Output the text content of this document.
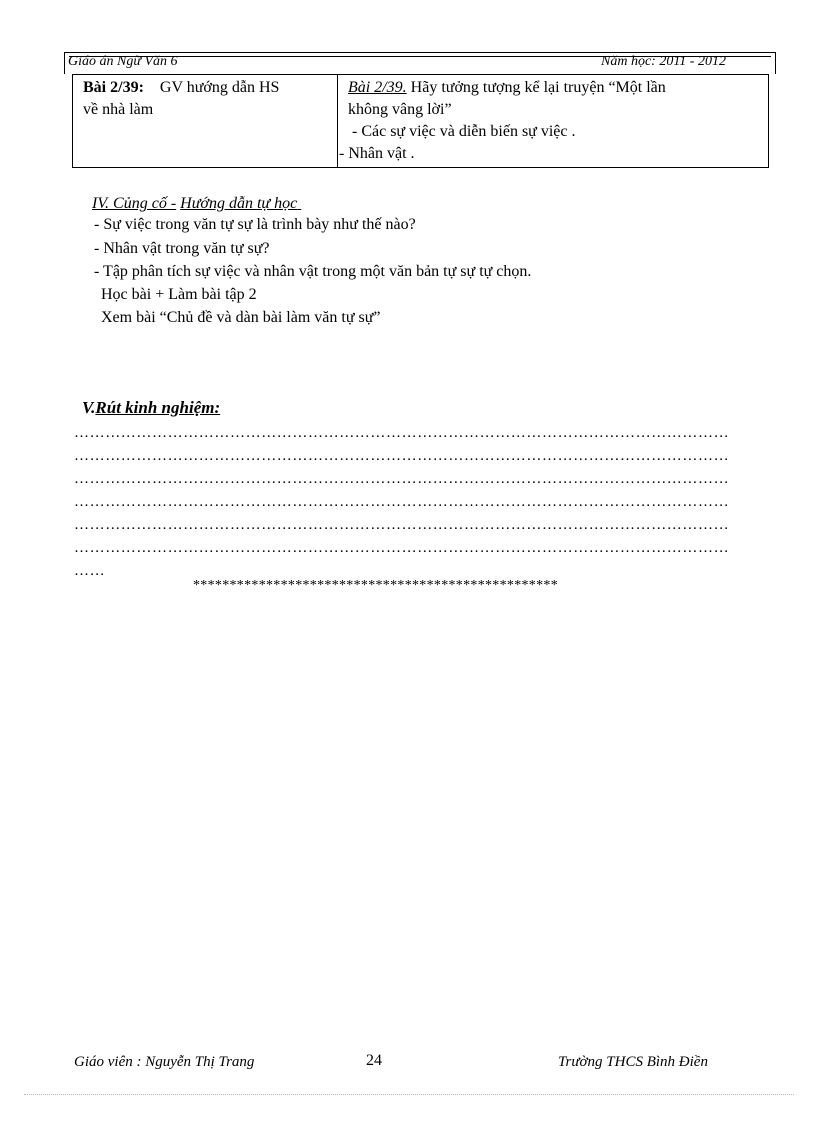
Giáo án Ngữ Văn 6	Năm học: 2011 - 2012
Bài 2/39: GV hướng dẫn HS
về nhà làm	Bài 2/39. Hãy tưởng tượng kể lại truyện “Một lần
không vâng lời”
- Các sự việc và diễn biến sự việc .
- Nhân vật .
IV. Củng cố - Hướng dẫn tự học
- Sự việc trong văn tự sự là trình bày như thế nào?
- Nhân vật trong văn tự sự?
- Tập phân tích sự việc và nhân vật trong một văn bản tự sự tự chọn.
Học bài + Làm bài tập 2
Xem bài “Chủ đề và dàn bài làm văn tự sự”
V.Rút kinh nghiệm:
………………………………………………………………………………………………………………
………………………………………………………………………………………………………………
………………………………………………………………………………………………………………
………………………………………………………………………………………………………………
………………………………………………………………………………………………………………
………………………………………………………………………………………………………………
……
**************************************************
Giáo viên : Nguyễn Thị Trang	24	Trường THCS Bình Điền
